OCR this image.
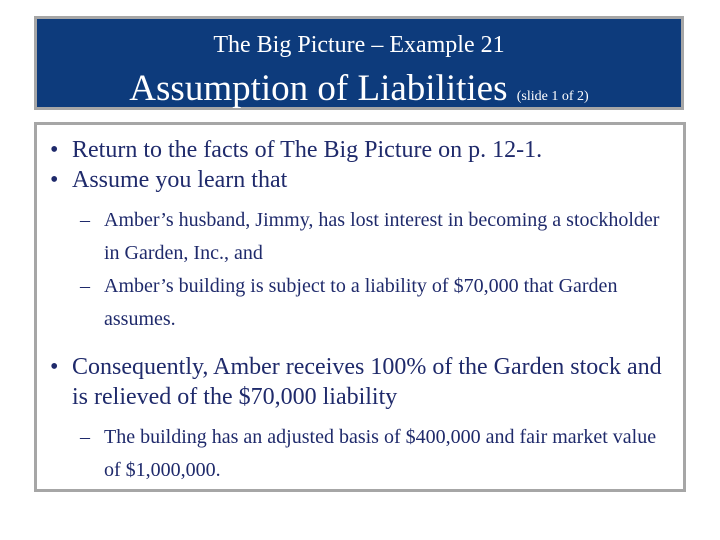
The Big Picture – Example 21
Assumption of Liabilities (slide 1 of 2)
• Return to the facts of The Big Picture on p. 12-1.
• Assume you learn that
– Amber’s husband, Jimmy, has lost interest in becoming a stockholder in Garden, Inc., and
– Amber’s building is subject to a liability of $70,000 that Garden assumes.
• Consequently, Amber receives 100% of the Garden stock and is relieved of the $70,000 liability
– The building has an adjusted basis of $400,000 and fair market value of $1,000,000.
